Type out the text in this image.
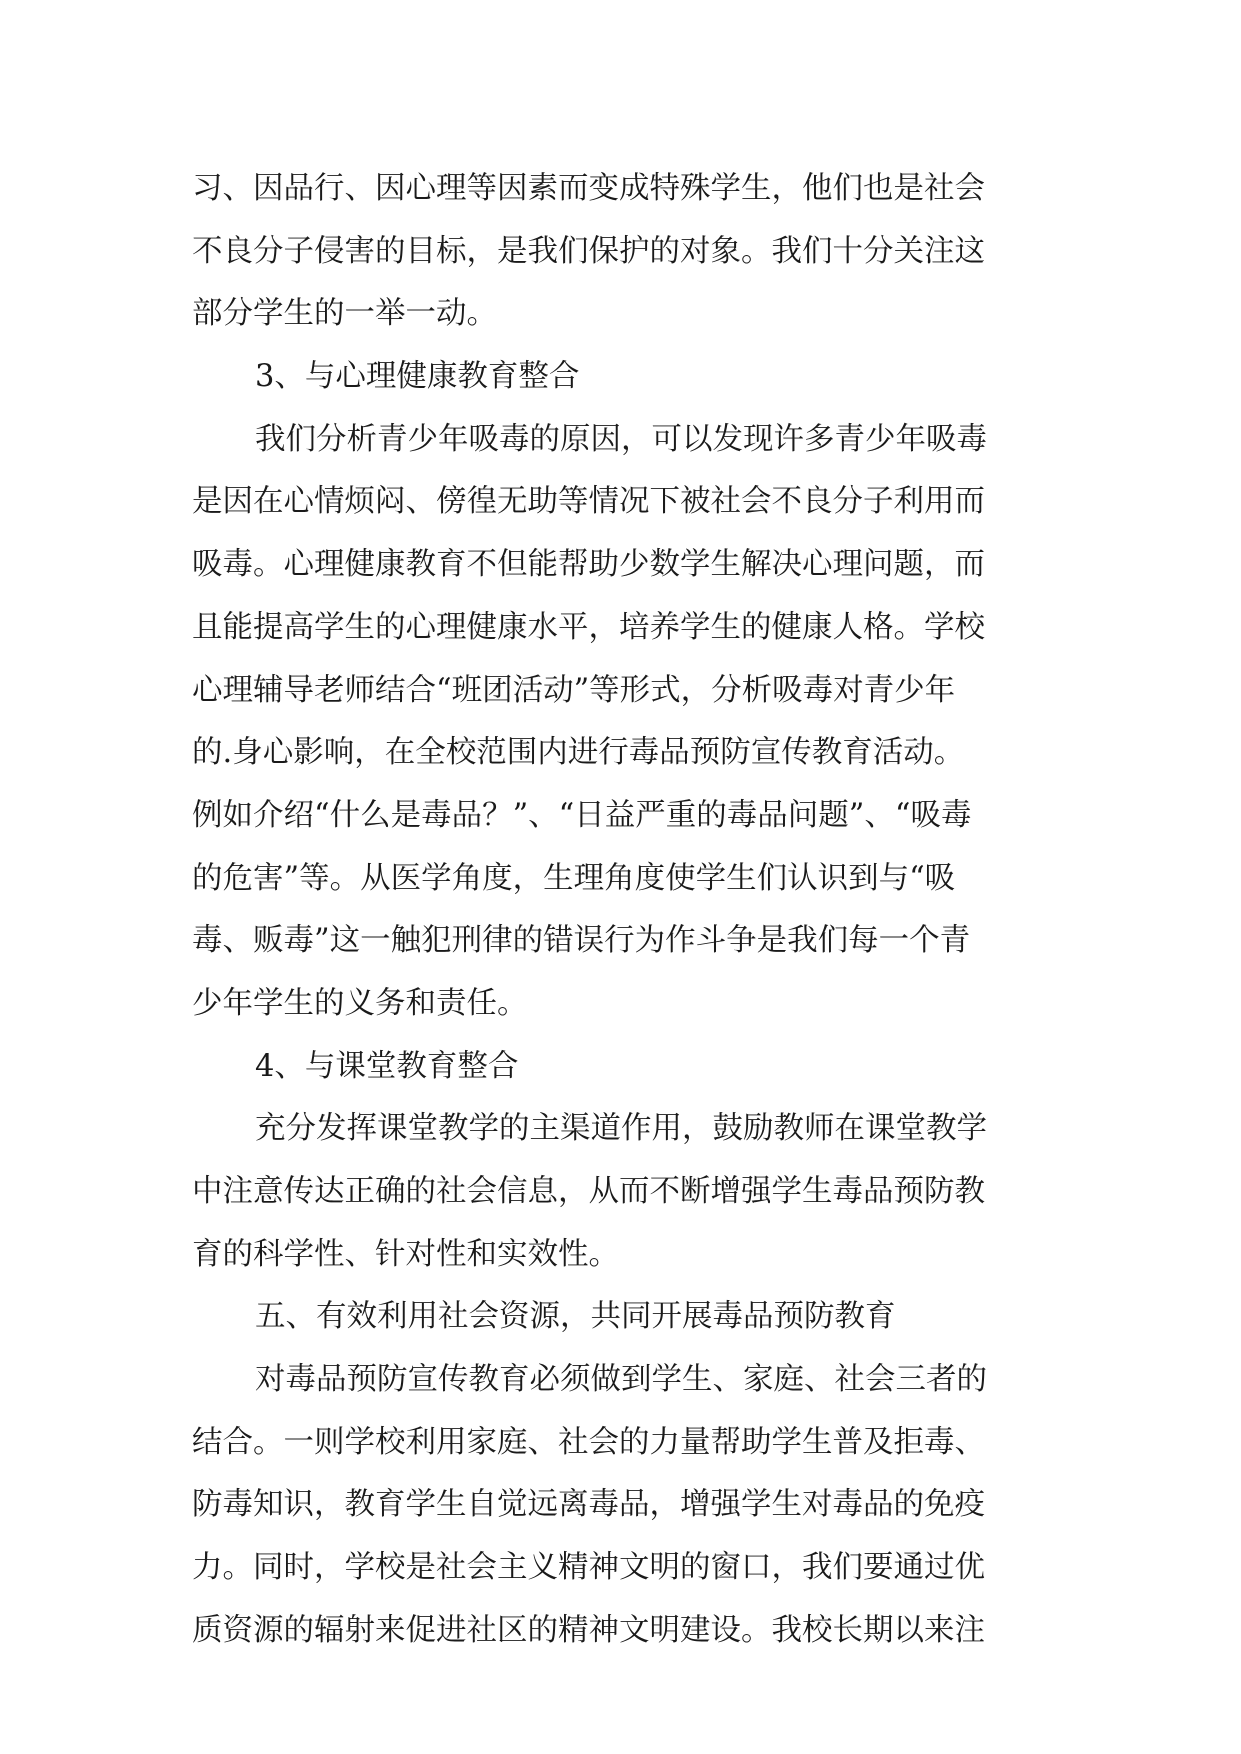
习、因品行、因心理等因素而变成特殊学生，他们也是社会
不良分子侵害的目标，是我们保护的对象。我们十分关注这
部分学生的一举一动。
3、与心理健康教育整合
我们分析青少年吸毒的原因，可以发现许多青少年吸毒
是因在心情烦闷、傍徨无助等情况下被社会不良分子利用而
吸毒。心理健康教育不但能帮助少数学生解决心理问题，而
且能提高学生的心理健康水平，培养学生的健康人格。学校
心理辅导老师结合“班团活动”等形式，分析吸毒对青少年
的.身心影响，在全校范围内进行毒品预防宣传教育活动。
例如介绍“什么是毒品？”、“日益严重的毒品问题”、“吸毒
的危害”等。从医学角度，生理角度使学生们认识到与“吸
毒、贩毒”这一触犯刑律的错误行为作斗争是我们每一个青
少年学生的义务和责任。
4、与课堂教育整合
充分发挥课堂教学的主渠道作用，鼓励教师在课堂教学
中注意传达正确的社会信息，从而不断增强学生毒品预防教
育的科学性、针对性和实效性。
五、有效利用社会资源，共同开展毒品预防教育
对毒品预防宣传教育必须做到学生、家庭、社会三者的
结合。一则学校利用家庭、社会的力量帮助学生普及拒毒、
防毒知识，教育学生自觉远离毒品，增强学生对毒品的免疫
力。同时，学校是社会主义精神文明的窗口，我们要通过优
质资源的辐射来促进社区的精神文明建设。我校长期以来注
